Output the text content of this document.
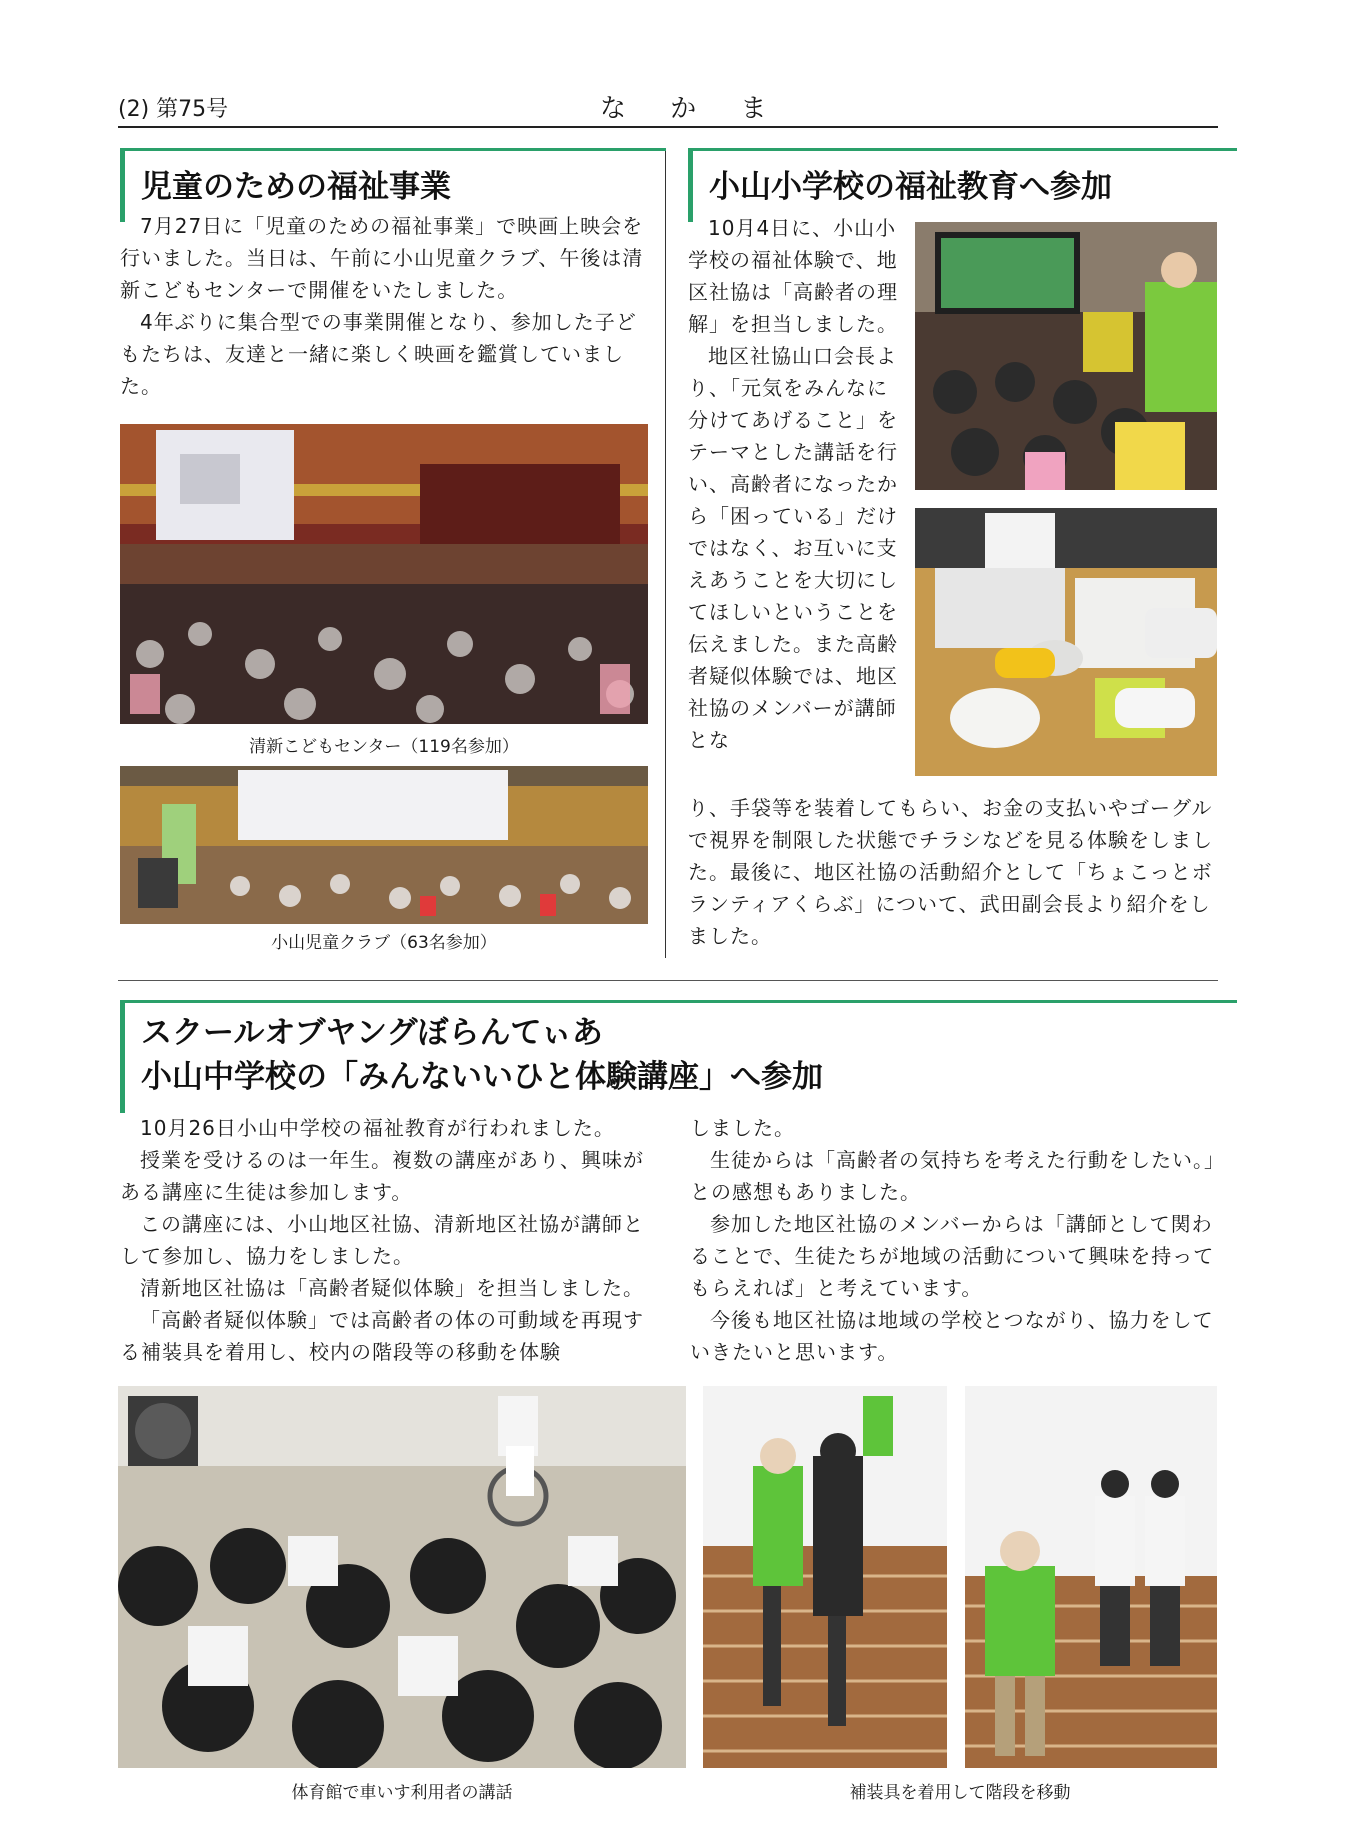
(2) 第75号	な か ま
児童のための福祉事業

7月27日に「児童のための福祉事業」で映画上映会を行いました。当日は、午前に小山児童クラブ、午後は清新こどもセンターで開催をいたしました。

4年ぶりに集合型での事業開催となり、参加した子どもたちは、友達と一緒に楽しく映画を鑑賞していました。

清新こどもセンター（119名参加）
小山児童クラブ（63名参加）
小山小学校の福祉教育へ参加

10月4日に、小山小学校の福祉体験で、地区社協は「高齢者の理解」を担当しました。

地区社協山口会長より、「元気をみんなに分けてあげること」をテーマとした講話を行い、高齢者になったから「困っている」だけではなく、お互いに支えあうことを大切にしてほしいということを伝えました。また高齢者疑似体験では、地区社協のメンバーが講師とな

り、手袋等を装着してもらい、お金の支払いやゴーグルで視界を制限した状態でチラシなどを見る体験をしました。最後に、地区社協の活動紹介として「ちょこっとボランティアくらぶ」について、武田副会長より紹介をしました。

スクールオブヤングぼらんてぃあ
小山中学校の「みんないいひと体験講座」へ参加

10月26日小山中学校の福祉教育が行われました。

授業を受けるのは一年生。複数の講座があり、興味がある講座に生徒は参加します。

この講座には、小山地区社協、清新地区社協が講師として参加し、協力をしました。

清新地区社協は「高齢者疑似体験」を担当しました。

「高齢者疑似体験」では高齢者の体の可動域を再現する補装具を着用し、校内の階段等の移動を体験

しました。

生徒からは「高齢者の気持ちを考えた行動をしたい。」との感想もありました。

参加した地区社協のメンバーからは「講師として関わることで、生徒たちが地域の活動について興味を持ってもらえれば」と考えています。

今後も地区社協は地域の学校とつながり、協力をしていきたいと思います。

体育館で車いす利用者の講話	補装具を着用して階段を移動
